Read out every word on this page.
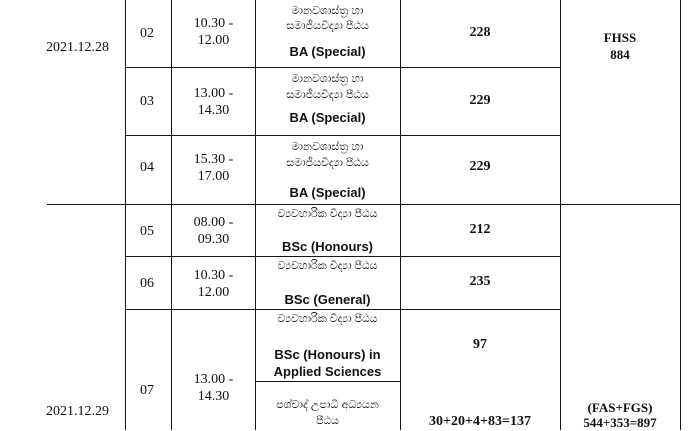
2021.12.28
2021.12.29
02
03
04
05
06
07
10.30 -
12.00
13.00 -
14.30
15.30 -
17.00
08.00 -
09.30
10.30 -
12.00
13.00 -
14.30
මානවශාස්ත්‍ර හා
සමාජීයවිද්‍යා පීඨය
BA (Special)
මානවශාස්ත්‍ර හා
සමාජීයවිද්‍යා පීඨය
BA (Special)
මානවශාස්ත්‍ර හා
සමාජීයවිද්‍යා පීඨය
BA (Special)
ව්‍යවහාරික විද්‍යා පීඨය
BSc (Honours)
ව්‍යවහාරික විද්‍යා පීඨය
BSc (General)
ව්‍යවහාරික විද්‍යා පීඨය
BSc (Honours) in
Applied Sciences
පශ්චාද් උපාධි අධ්‍යයන
පීඨය
228
229
229
212
235
97
30+20+4+83=137
FHSS
884
(FAS+FGS)
544+353=897
